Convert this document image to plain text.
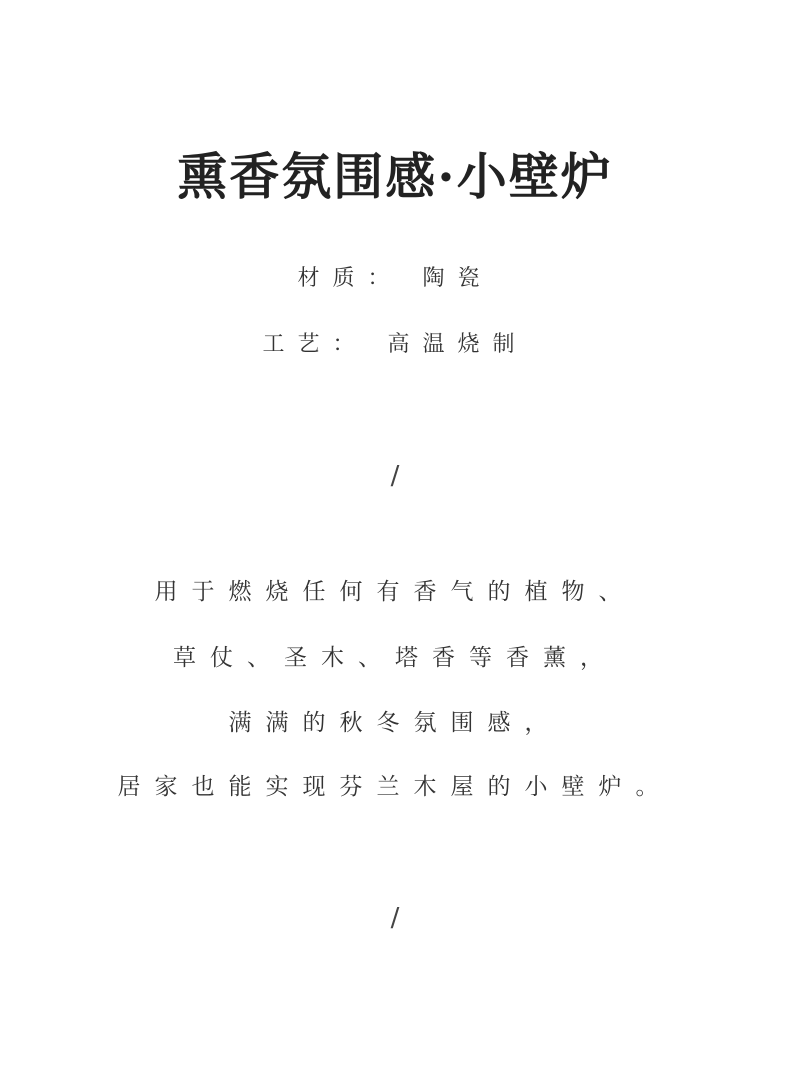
熏香氛围感·小壁炉
材质： 陶瓷
工艺： 高温烧制
/
用于燃烧任何有香气的植物、
草仗、圣木、塔香等香薰，
满满的秋冬氛围感，
居家也能实现芬兰木屋的小壁炉。
/
